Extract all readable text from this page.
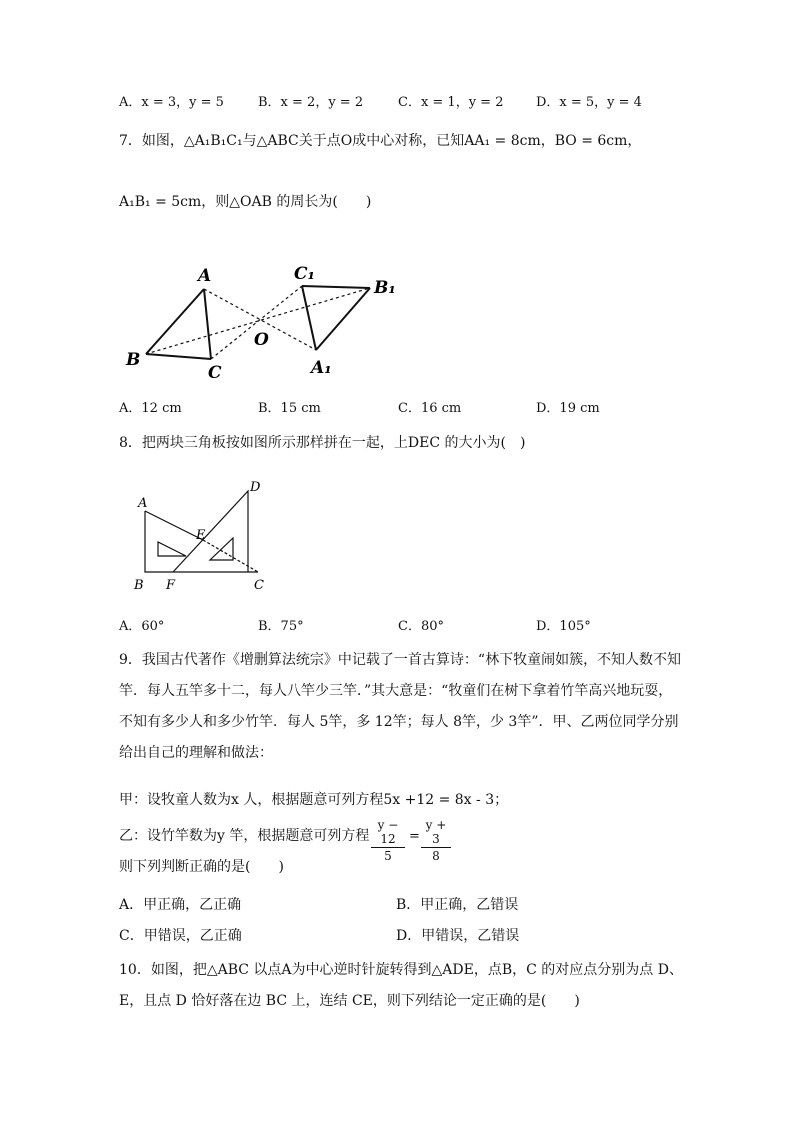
A．x = 3，y = 5	B．x = 2，y = 2	C．x = 1，y = 2	D．x = 5，y = 4
7．如图，△A₁B₁C₁与△ABC关于点O成中心对称，已知AA₁ = 8cm，BO = 6cm，
A₁B₁ = 5cm，则△OAB 的周长为(　　)
A
B
C
O
C₁
B₁
A₁
A．12 cm	B．15 cm	C．16 cm	D．19 cm
8．把两块三角板按如图所示那样拼在一起，上DEC 的大小为(　)
A
B	C
D
E
F
A．60°	B．75°	C．80°	D．105°
9．我国古代著作《增删算法统宗》中记载了一首古算诗：“林下牧童闹如簇，不知人数不知
竿．每人五竿多十二，每人八竿少三竿．”其大意是：“牧童们在树下拿着竹竿高兴地玩耍，
不知有多少人和多少竹竿．每人 5竿，多 12竿；每人 8竿，少 3竿”．甲、乙两位同学分别
给出自己的理解和做法：
甲：设牧童人数为x 人，根据题意可列方程5x +12 = 8x - 3；
乙：设竹竿数为y 竿，根据题意可列方程
y − 12
5
=
y + 3
8
则下列判断正确的是(　　)
A．甲正确，乙正确	B．甲正确，乙错误
C．甲错误，乙正确	D．甲错误，乙错误
10．如图，把△ABC 以点A为中心逆时针旋转得到△ADE，点B，C 的对应点分别为点 D、
E，且点 D 恰好落在边 BC 上，连结 CE，则下列结论一定正确的是(　　)
